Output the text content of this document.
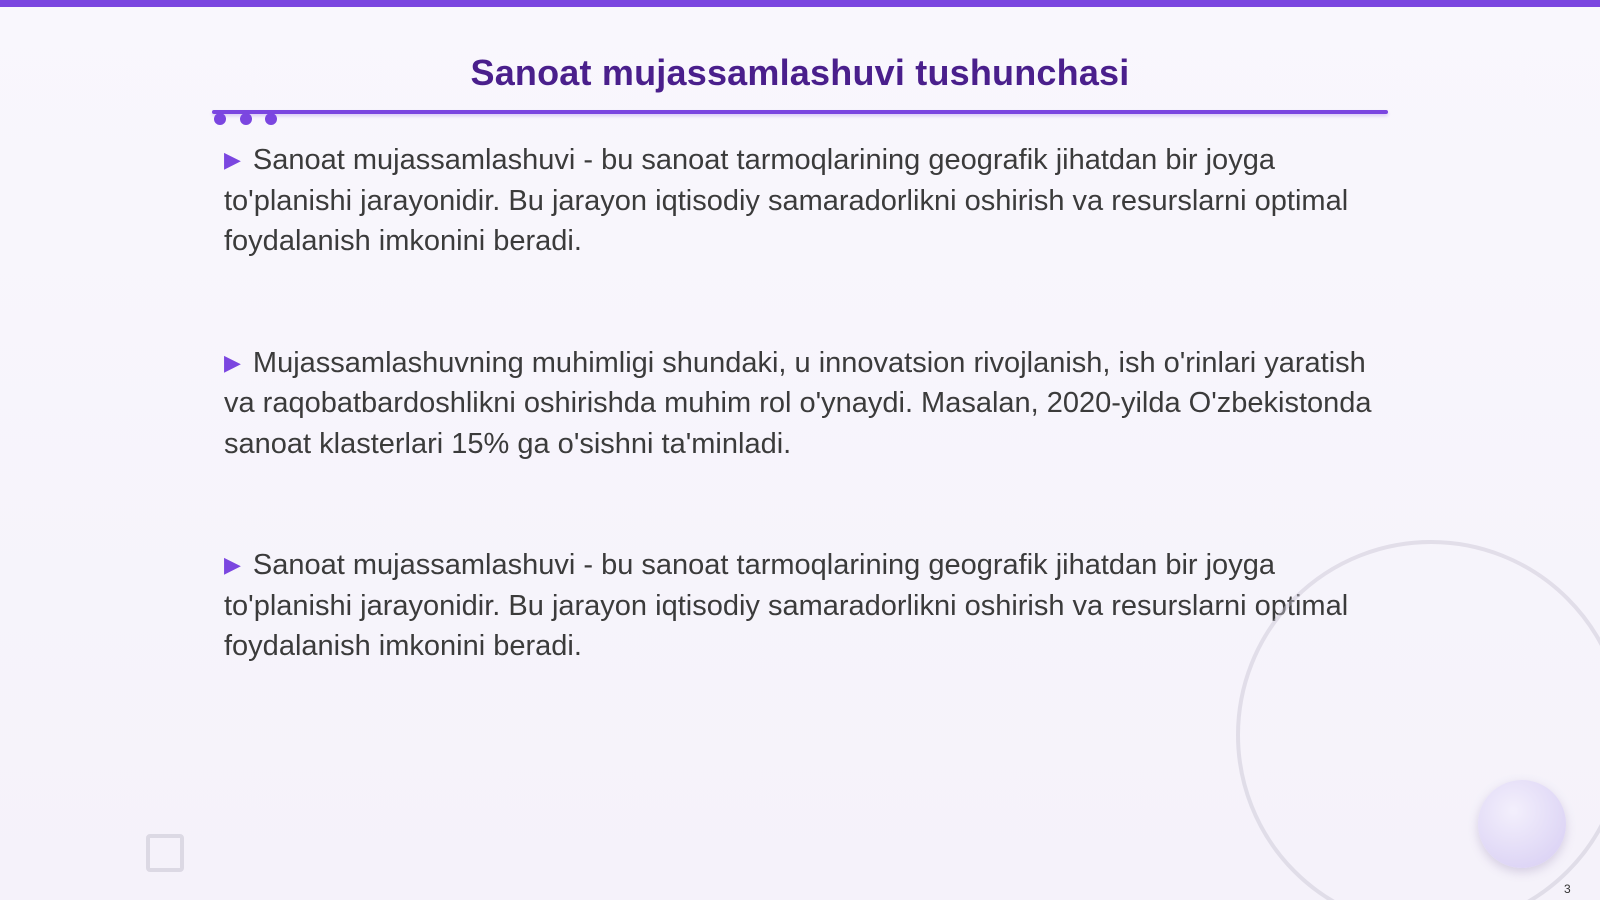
Sanoat mujassamlashuvi tushunchasi

▶ Sanoat mujassamlashuvi - bu sanoat tarmoqlarining geografik jihatdan bir joyga to'planishi jarayonidir. Bu jarayon iqtisodiy samaradorlikni oshirish va resurslarni optimal foydalanish imkonini beradi.

▶ Mujassamlashuvning muhimligi shundaki, u innovatsion rivojlanish, ish o'rinlari yaratish va raqobatbardoshlikni oshirishda muhim rol o'ynaydi. Masalan, 2020-yilda O'zbekistonda sanoat klasterlari 15% ga o'sishni ta'minladi.

▶ Sanoat mujassamlashuvi - bu sanoat tarmoqlarining geografik jihatdan bir joyga to'planishi jarayonidir. Bu jarayon iqtisodiy samaradorlikni oshirish va resurslarni optimal foydalanish imkonini beradi.

3
